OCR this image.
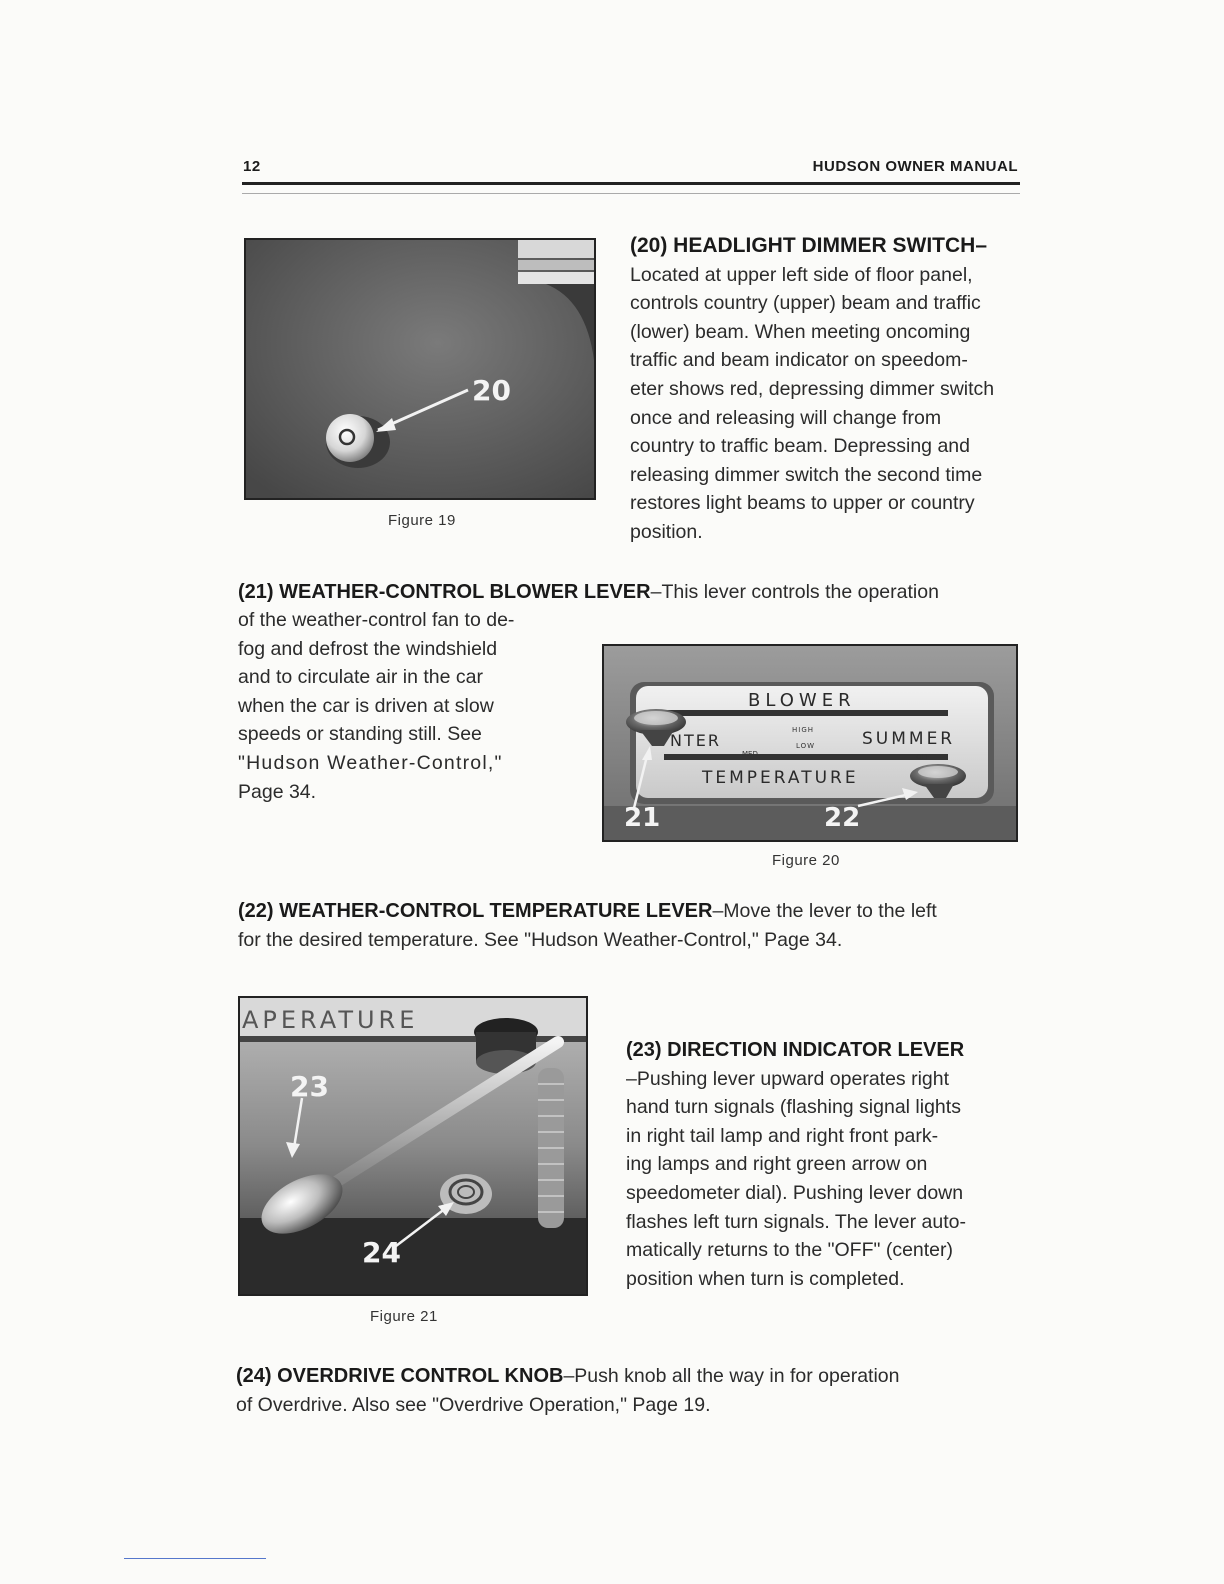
12	HUDSON OWNER MANUAL
20
Figure 19
(20) HEADLIGHT DIMMER SWITCH–
Located at upper left side of floor panel,
controls country (upper) beam and traffic
(lower) beam. When meeting oncoming
traffic and beam indicator on speedom-
eter shows red, depressing dimmer switch
once and releasing will change from
country to traffic beam. Depressing and
releasing dimmer switch the second time
restores light beams to upper or country
position.
(21) WEATHER-CONTROL BLOWER LEVER–This lever controls the operation
of the weather-control fan to de-
fog and defrost the windshield
and to circulate air in the car
when the car is driven at slow
speeds or standing still. See
"Hudson Weather-Control,"
Page 34.
BLOWER
NTER
MED
HIGH
LOW
OFF
SUMMER
TEMPERATURE
21	22
Figure 20
(22) WEATHER-CONTROL TEMPERATURE LEVER–Move the lever to the left
for the desired temperature. See "Hudson Weather-Control," Page 34.
APERATURE
23
24
Figure 21
(23) DIRECTION INDICATOR LEVER
–Pushing lever upward operates right
hand turn signals (flashing signal lights
in right tail lamp and right front park-
ing lamps and right green arrow on
speedometer dial). Pushing lever down
flashes left turn signals. The lever auto-
matically returns to the "OFF" (center)
position when turn is completed.
(24) OVERDRIVE CONTROL KNOB–Push knob all the way in for operation
of Overdrive. Also see "Overdrive Operation," Page 19.
